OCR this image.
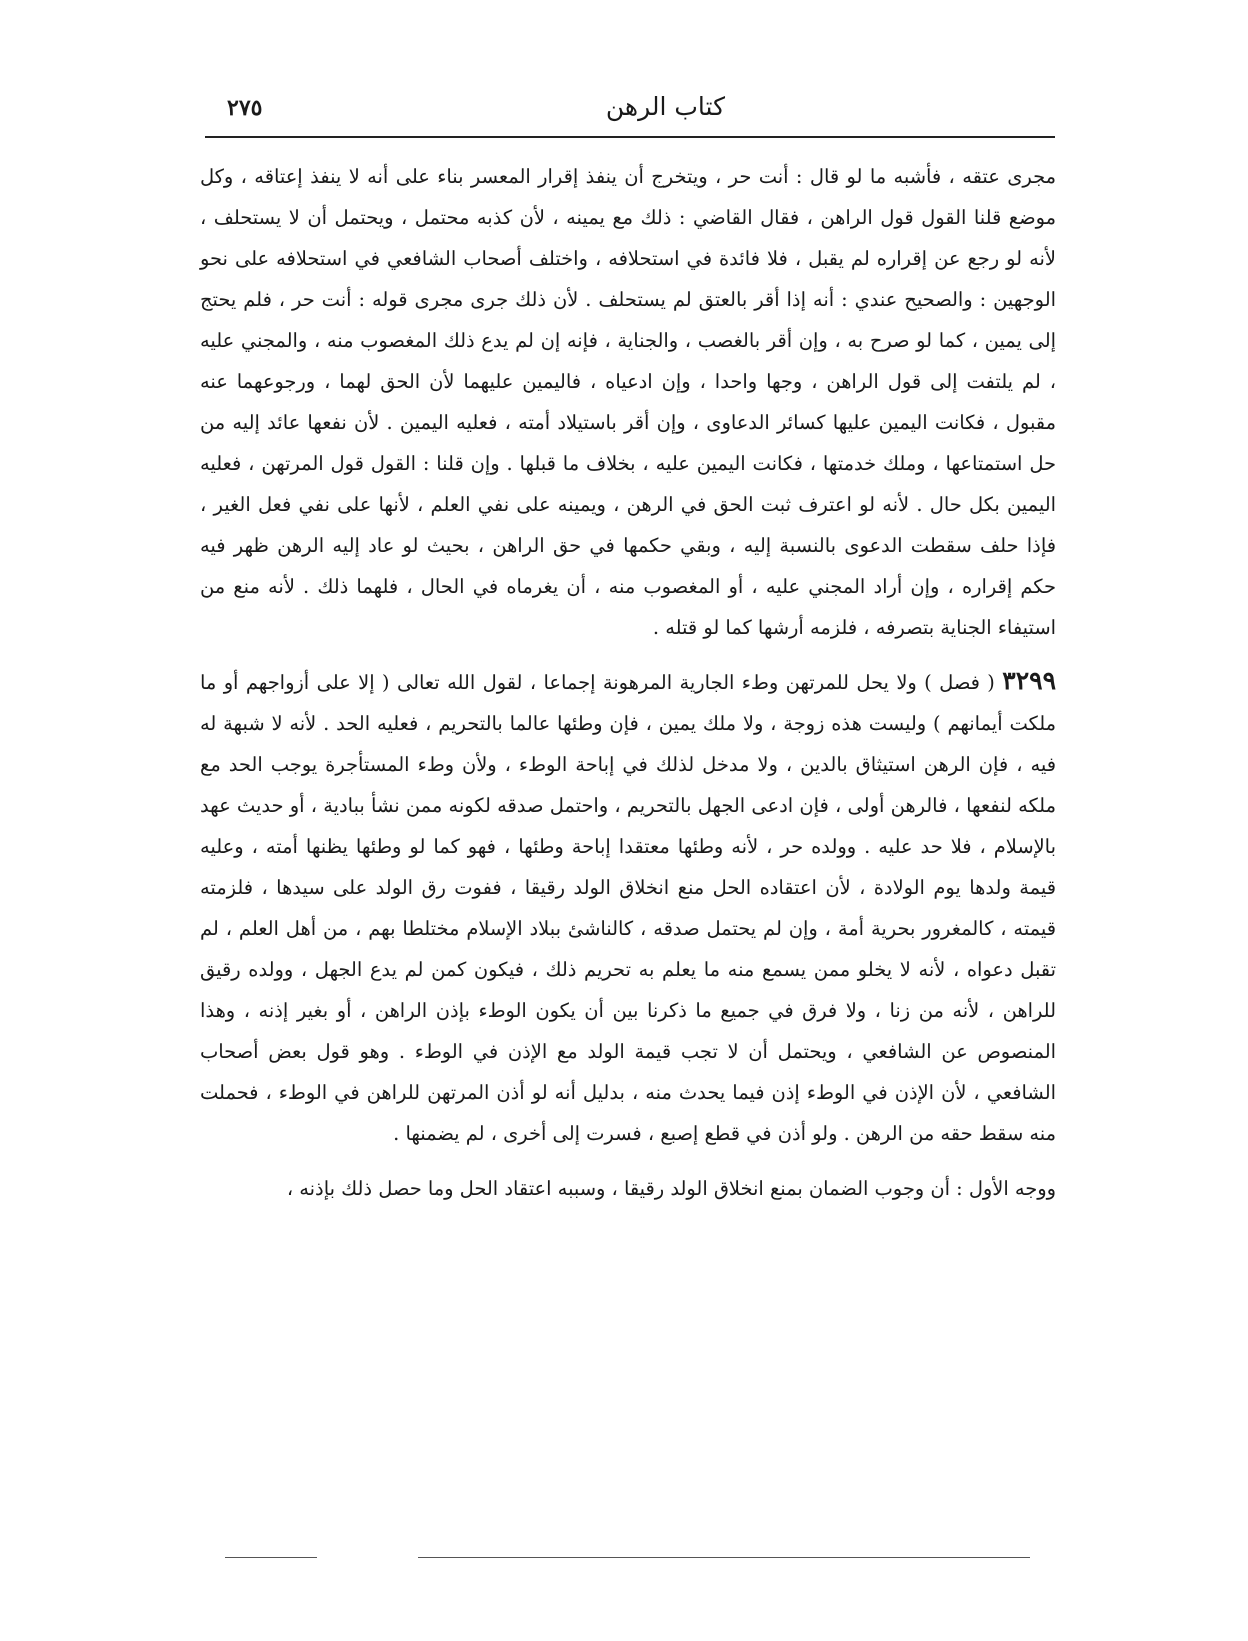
كتاب الرهن
٢٧٥

مجرى عتقه ، فأشبه ما لو قال : أنت حر ، ويتخرج أن ينفذ إقرار المعسر بناء على أنه لا ينفذ إعتاقه ، وكل موضع قلنا القول قول الراهن ، فقال القاضي : ذلك مع يمينه ، لأن كذبه محتمل ، ويحتمل أن لا يستحلف ، لأنه لو رجع عن إقراره لم يقبل ، فلا فائدة في استحلافه ، واختلف أصحاب الشافعي في استحلافه على نحو الوجهين : والصحيح عندي : أنه إذا أقر بالعتق لم يستحلف . لأن ذلك جرى مجرى قوله : أنت حر ، فلم يحتج إلى يمين ، كما لو صرح به ، وإن أقر بالغصب ، والجناية ، فإنه إن لم يدع ذلك المغصوب منه ، والمجني عليه ، لم يلتفت إلى قول الراهن ، وجها واحدا ، وإن ادعياه ، فاليمين عليهما لأن الحق لهما ، ورجوعهما عنه مقبول ، فكانت اليمين عليها كسائر الدعاوى ، وإن أقر باستيلاد أمته ، فعليه اليمين . لأن نفعها عائد إليه من حل استمتاعها ، وملك خدمتها ، فكانت اليمين عليه ، بخلاف ما قبلها . وإن قلنا : القول قول المرتهن ، فعليه اليمين بكل حال . لأنه لو اعترف ثبت الحق في الرهن ، ويمينه على نفي العلم ، لأنها على نفي فعل الغير ، فإذا حلف سقطت الدعوى بالنسبة إليه ، وبقي حكمها في حق الراهن ، بحيث لو عاد إليه الرهن ظهر فيه حكم إقراره ، وإن أراد المجني عليه ، أو المغصوب منه ، أن يغرماه في الحال ، فلهما ذلك . لأنه منع من استيفاء الجناية بتصرفه ، فلزمه أرشها كما لو قتله .

٣٢٩٩ ( فصل ) ولا يحل للمرتهن وطء الجارية المرهونة إجماعا ، لقول الله تعالى ( إلا على أزواجهم أو ما ملكت أيمانهم ) وليست هذه زوجة ، ولا ملك يمين ، فإن وطئها عالما بالتحريم ، فعليه الحد . لأنه لا شبهة له فيه ، فإن الرهن استيثاق بالدين ، ولا مدخل لذلك في إباحة الوطء ، ولأن وطء المستأجرة يوجب الحد مع ملكه لنفعها ، فالرهن أولى ، فإن ادعى الجهل بالتحريم ، واحتمل صدقه لكونه ممن نشأ ببادية ، أو حديث عهد بالإسلام ، فلا حد عليه . وولده حر ، لأنه وطئها معتقدا إباحة وطئها ، فهو كما لو وطئها يظنها أمته ، وعليه قيمة ولدها يوم الولادة ، لأن اعتقاده الحل منع انخلاق الولد رقيقا ، ففوت رق الولد على سيدها ، فلزمته قيمته ، كالمغرور بحرية أمة ، وإن لم يحتمل صدقه ، كالناشئ ببلاد الإسلام مختلطا بهم ، من أهل العلم ، لم تقبل دعواه ، لأنه لا يخلو ممن يسمع منه ما يعلم به تحريم ذلك ، فيكون كمن لم يدع الجهل ، وولده رقيق للراهن ، لأنه من زنا ، ولا فرق في جميع ما ذكرنا بين أن يكون الوطء بإذن الراهن ، أو بغير إذنه ، وهذا المنصوص عن الشافعي ، ويحتمل أن لا تجب قيمة الولد مع الإذن في الوطء . وهو قول بعض أصحاب الشافعي ، لأن الإذن في الوطء إذن فيما يحدث منه ، بدليل أنه لو أذن المرتهن للراهن في الوطء ، فحملت منه سقط حقه من الرهن . ولو أذن في قطع إصبع ، فسرت إلى أخرى ، لم يضمنها .

ووجه الأول : أن وجوب الضمان بمنع انخلاق الولد رقيقا ، وسببه اعتقاد الحل وما حصل ذلك بإذنه ،
